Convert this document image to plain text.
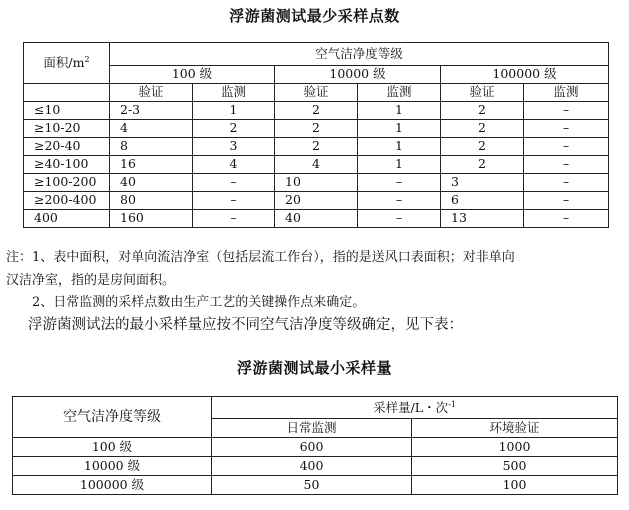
浮游菌测试最少采样点数
面积$/m^2$	空气洁净度等级					
	100 级		10000 级		100000 级	
	验证	监测	验证	监测	验证	监测
≤10	2-3	1	2	1	2	–
≥10-20	4	2	2	1	2	–
≥20-40	8	3	2	1	2	–
≥40-100	16	4	4	1	2	–
≥100-200	40	–	10	–	3	–
≥200-400	80	–	20	–	6	–
400	160	–	40	–	13	–
注：1、表中面积，对单向流洁净室（包括层流工作台），指的是送风口表面积；对非单向
汉洁净室，指的是房间面积。
2、日常监测的采样点数由生产工艺的关键操作点来确定。
浮游菌测试法的最小采样量应按不同空气洁净度等级确定，见下表：
浮游菌测试最小采样量
空气洁净度等级	采样量/L・次$^{-1}$
	日常监测	环境验证
100 级	600	1000
10000 级	400	500
100000 级	50	100
